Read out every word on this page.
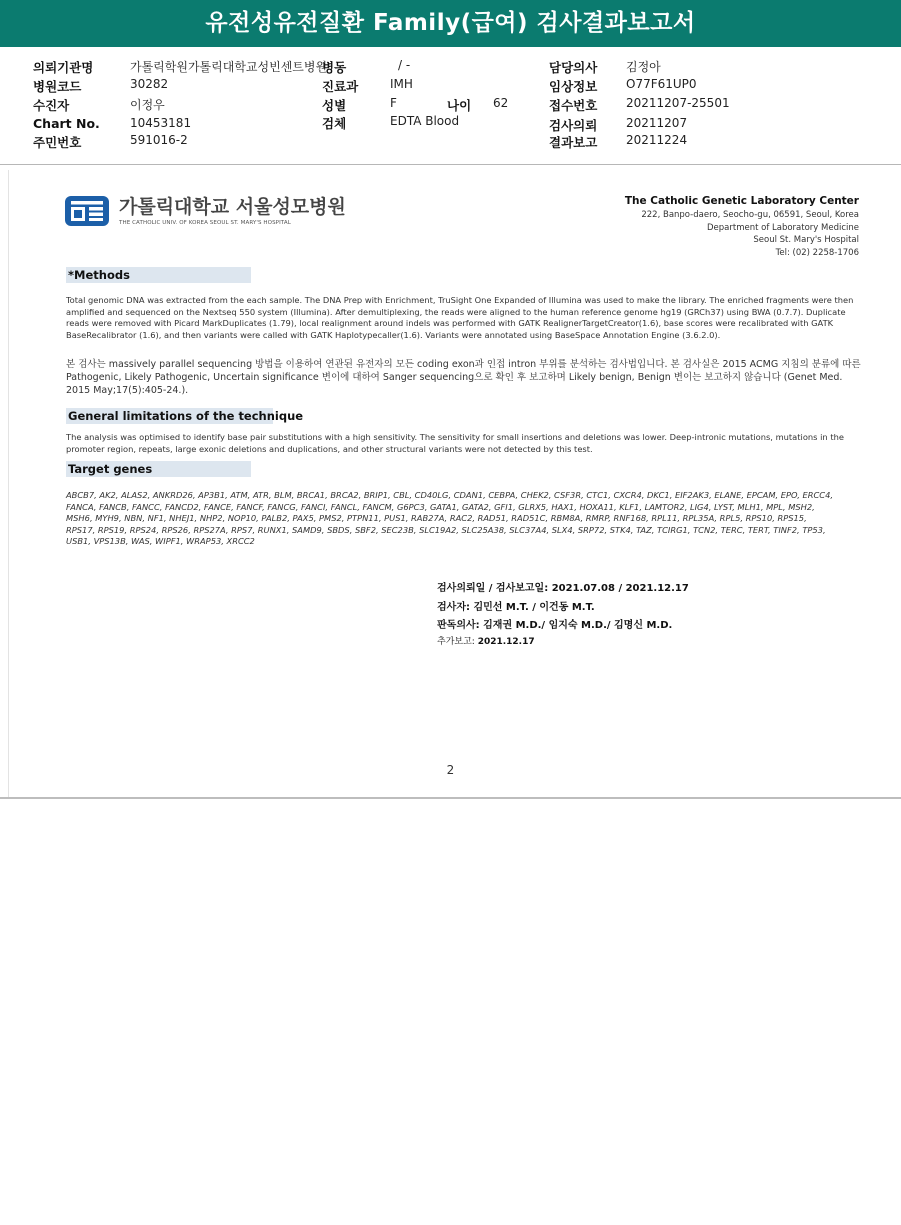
유전성유전질환 Family(급여) 검사결과보고서
의뢰기관명	가톨릭학원가톨릭대학교성빈센트병원
병원코드	30282
수진자	이정우
Chart No.	10453181
주민번호	591016-2
병동	/ -
진료과	IMH
성별	F	나이 62
검체	EDTA Blood
담당의사 김정아
임상정보 O77F61UP0
접수번호 20211207-25501
검사의뢰 20211207
결과보고 20211224
가톨릭대학교 서울성모병원
THE CATHOLIC UNIV. OF KOREA SEOUL ST. MARY'S HOSPITAL
The Catholic Genetic Laboratory Center
222, Banpo-daero, Seocho-gu, 06591, Seoul, Korea
Department of Laboratory Medicine
Seoul St. Mary's Hospital
Tel: (02) 2258-1706
*Methods
Total genomic DNA was extracted from the each sample. The DNA Prep with Enrichment, TruSight One Expanded of Illumina was used to make the library. The enriched fragments were then amplified and sequenced on the Nextseq 550 system (Illumina). After demultiplexing, the reads were aligned to the human reference genome hg19 (GRCh37) using BWA (0.7.7). Duplicate reads were removed with Picard MarkDuplicates (1.79), local realignment around indels was performed with GATK RealignerTargetCreator(1.6), base scores were recalibrated with GATK BaseRecalibrator (1.6), and then variants were called with GATK Haplotypecaller(1.6). Variants were annotated using BaseSpace Annotation Engine (3.6.2.0).
본 검사는 massively parallel sequencing 방법을 이용하여 연관된 유전자의 모든 coding exon과 인접 intron 부위를 분석하는 검사법입니다. 본 검사실은 2015 ACMG 지침의 분류에 따른 Pathogenic, Likely Pathogenic, Uncertain significance 변이에 대하여 Sanger sequencing으로 확인 후 보고하며 Likely benign, Benign 변이는 보고하지 않습니다 (Genet Med. 2015 May;17(5):405-24.).
General limitations of the technique
The analysis was optimised to identify base pair substitutions with a high sensitivity. The sensitivity for small insertions and deletions was lower. Deep-intronic mutations, mutations in the promoter region, repeats, large exonic deletions and duplications, and other structural variants were not detected by this test.
Target genes
ABCB7, AK2, ALAS2, ANKRD26, AP3B1, ATM, ATR, BLM, BRCA1, BRCA2, BRIP1, CBL, CD40LG, CDAN1, CEBPA, CHEK2, CSF3R, CTC1, CXCR4, DKC1, EIF2AK3, ELANE, EPCAM, EPO, ERCC4, FANCA, FANCB, FANCC, FANCD2, FANCE, FANCF, FANCG, FANCI, FANCL, FANCM, G6PC3, GATA1, GATA2, GFI1, GLRX5, HAX1, HOXA11, KLF1, LAMTOR2, LIG4, LYST, MLH1, MPL, MSH2, MSH6, MYH9, NBN, NF1, NHEJ1, NHP2, NOP10, PALB2, PAX5, PMS2, PTPN11, PUS1, RAB27A, RAC2, RAD51, RAD51C, RBM8A, RMRP, RNF168, RPL11, RPL35A, RPL5, RPS10, RPS15, RPS17, RPS19, RPS24, RPS26, RPS27A, RPS7, RUNX1, SAMD9, SBDS, SBF2, SEC23B, SLC19A2, SLC25A38, SLC37A4, SLX4, SRP72, STK4, TAZ, TCIRG1, TCN2, TERC, TERT, TINF2, TP53, USB1, VPS13B, WAS, WIPF1, WRAP53, XRCC2
검사의뢰일 / 검사보고일: 2021.07.08 / 2021.12.17
검사자: 김민선 M.T. / 이건동 M.T.
판독의사: 김재권 M.D./ 임지숙 M.D./ 김명신 M.D.
추가보고: 2021.12.17
2
